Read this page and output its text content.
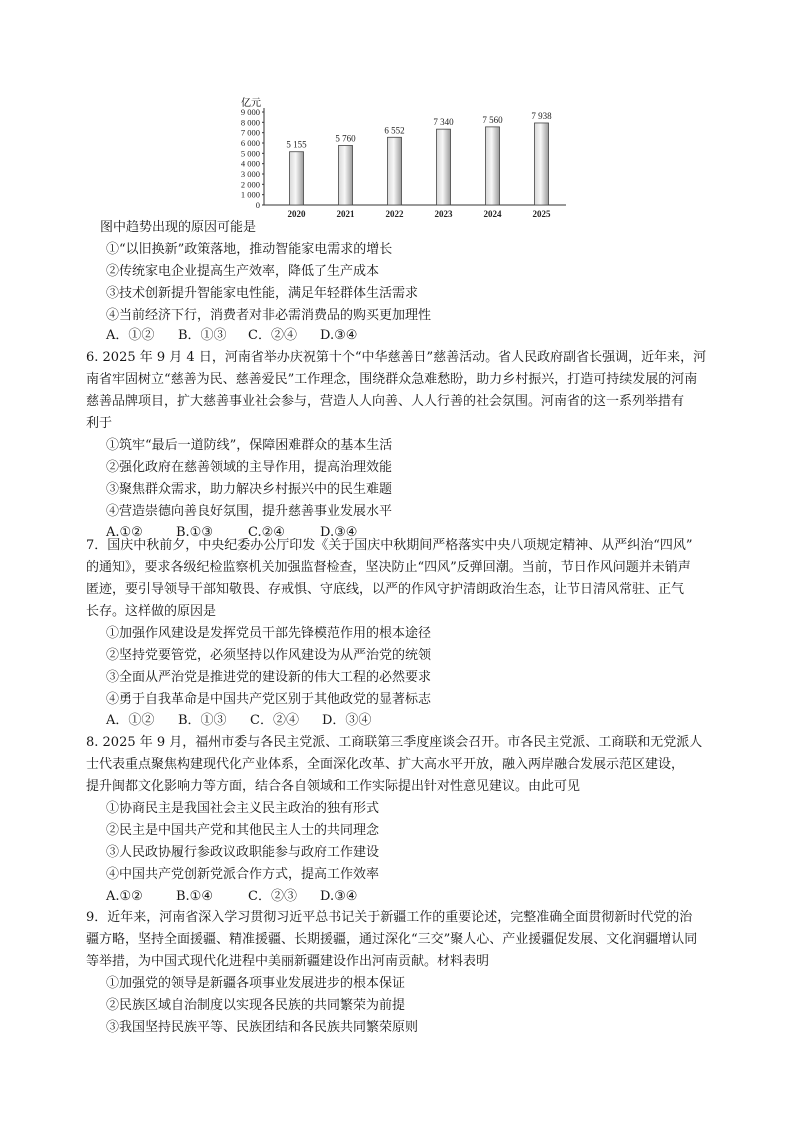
亿元
0
1 000
2 000
3 000
4 000
5 000
6 000
7 000
8 000
9 000
5 155
2020
5 760
2021
6 552
2022
7 340
2023
7 560
2024
7 938
2025
图中趋势出现的原因可能是
①“以旧换新”政策落地，推动智能家电需求的增长
②传统家电企业提高生产效率，降低了生产成本
③技术创新提升智能家电性能，满足年轻群体生活需求
④当前经济下行，消费者对非必需消费品的购买更加理性
A．①② B．①③ C．②④ D.③④
6. 2025 年 9 月 4 日，河南省举办庆祝第十个“中华慈善日”慈善活动。省人民政府副省长强调，近年来，河
南省牢固树立“慈善为民、慈善爱民”工作理念，围绕群众急难愁盼，助力乡村振兴，打造可持续发展的河南
慈善品牌项目，扩大慈善事业社会参与，营造人人向善、人人行善的社会氛围。河南省的这一系列举措有
利于
①筑牢“最后一道防线”，保障困难群众的基本生活
②强化政府在慈善领域的主导作用，提高治理效能
③聚焦群众需求，助力解决乡村振兴中的民生难题
④营造崇德向善良好氛围，提升慈善事业发展水平
A.①②	B.①③	C.②④	D.③④
7．国庆中秋前夕，中央纪委办公厅印发《关于国庆中秋期间严格落实中央八项规定精神、从严纠治“四风”
的通知》，要求各级纪检监察机关加强监督检查，坚决防止“四风”反弹回潮。当前，节日作风问题并未销声
匿迹，要引导领导干部知敬畏、存戒惧、守底线，以严的作风守护清朗政治生态，让节日清风常驻、正气
长存。这样做的原因是
①加强作风建设是发挥党员干部先锋模范作用的根本途径
②坚持党要管党，必须坚持以作风建设为从严治党的统领
③全面从严治党是推进党的建设新的伟大工程的必然要求
④勇于自我革命是中国共产党区别于其他政党的显著标志
A．①② B．①③ C．②④ D．③④
8. 2025 年 9 月，福州市委与各民主党派、工商联第三季度座谈会召开。市各民主党派、工商联和无党派人
士代表重点聚焦构建现代化产业体系，全面深化改革、扩大高水平开放，融入两岸融合发展示范区建设，
提升闽都文化影响力等方面，结合各自领域和工作实际提出针对性意见建议。由此可见
①协商民主是我国社会主义民主政治的独有形式
②民主是中国共产党和其他民主人士的共同理念
③人民政协履行参政议政职能参与政府工作建设
④中国共产党创新党派合作方式，提高工作效率
A.①②	B.①④	C．②③ D.③④
9．近年来，河南省深入学习贯彻习近平总书记关于新疆工作的重要论述，完整准确全面贯彻新时代党的治
疆方略，坚持全面援疆、精准援疆、长期援疆，通过深化“三交”聚人心、产业援疆促发展、文化润疆增认同
等举措，为中国式现代化进程中美丽新疆建设作出河南贡献。材料表明
①加强党的领导是新疆各项事业发展进步的根本保证
②民族区域自治制度以实现各民族的共同繁荣为前提
③我国坚持民族平等、民族团结和各民族共同繁荣原则
